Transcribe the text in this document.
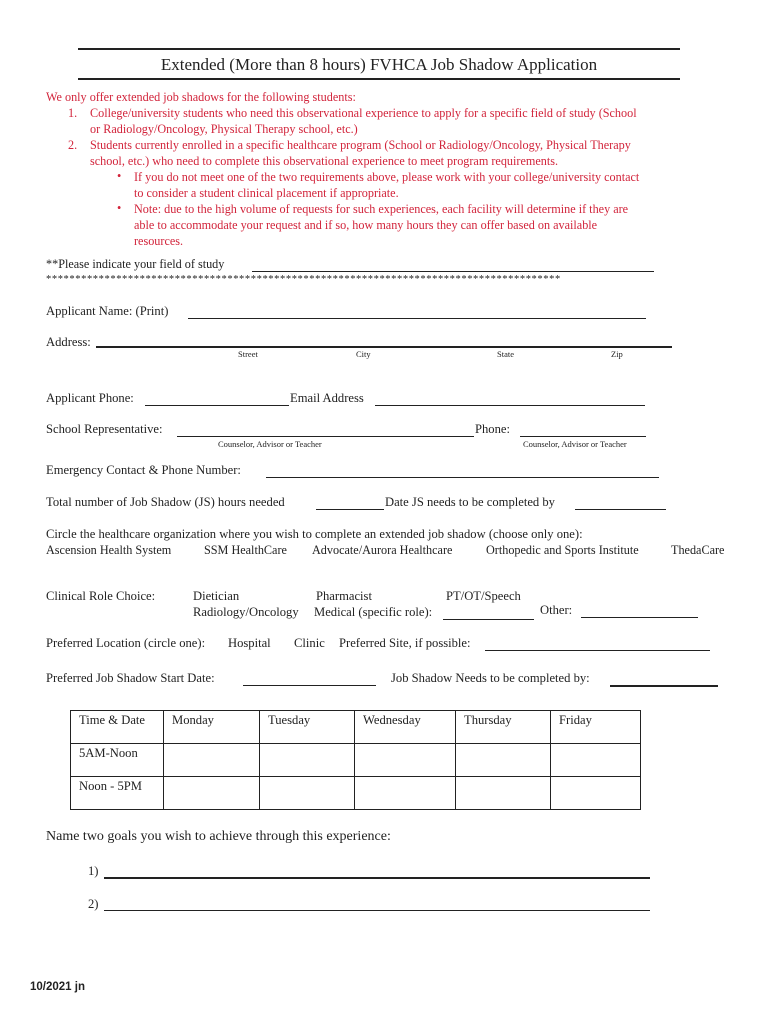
Extended (More than 8 hours) FVHCA Job Shadow Application
We only offer extended job shadows for the following students:
1. College/university students who need this observational experience to apply for a specific field of study (School
or Radiology/Oncology, Physical Therapy school, etc.)
2. Students currently enrolled in a specific healthcare program (School or Radiology/Oncology, Physical Therapy
school, etc.) who need to complete this observational experience to meet program requirements.
• If you do not meet one of the two requirements above, please work with your college/university contact
to consider a student clinical placement if appropriate.
• Note: due to the high volume of requests for such experiences, each facility will determine if they are
able to accommodate your request and if so, how many hours they can offer based on available
resources.
**Please indicate your field of study
****************************************************************************************
Applicant Name: (Print)
Address:
Street	City	State	Zip
Applicant Phone:	Email Address
School Representative:	Phone:
Counselor, Advisor or Teacher	Counselor, Advisor or Teacher
Emergency Contact & Phone Number:
Total number of Job Shadow (JS) hours needed	Date JS needs to be completed by
Circle the healthcare organization where you wish to complete an extended job shadow (choose only one):
Ascension Health System	SSM HealthCare Advocate/Aurora Healthcare	Orthopedic and Sports Institute	ThedaCare
Clinical Role Choice:	Dietician	Pharmacist	PT/OT/Speech
Radiology/Oncology Medical (specific role):	Other:
Preferred Location (circle one): Hospital Clinic Preferred Site, if possible:
Preferred Job Shadow Start Date:	Job Shadow Needs to be completed by:
Time & Date	Monday	Tuesday	Wednesday	Thursday	Friday
5AM-Noon					
Noon - 5PM					
Name two goals you wish to achieve through this experience:
1)
2)
10/2021 jn
